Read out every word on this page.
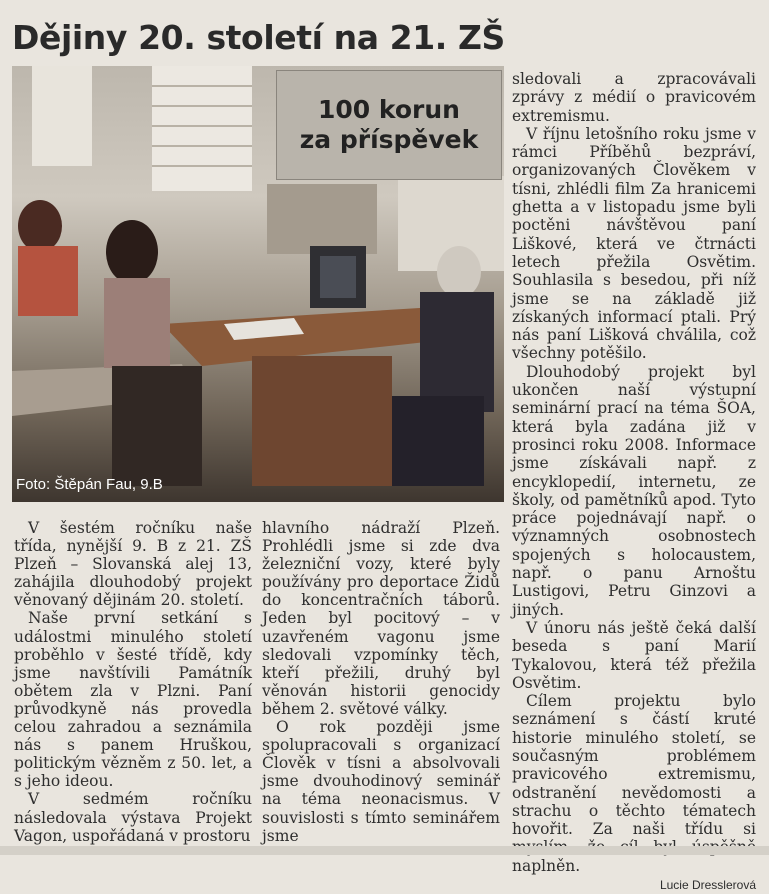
Dějiny 20. století na 21. ZŠ
100 korun
za příspěvek
Foto: Štěpán Fau, 9.B

V šestém ročníku naše třída, nynější 9. B z 21. ZŠ Plzeň – Slovanská alej 13, zahájila dlouhodobý projekt věnovaný dějinám 20. století.

Naše první setkání s událostmi minulého století proběhlo v šesté třídě, kdy jsme navštívili Památník obětem zla v Plzni. Paní průvodkyně nás provedla celou zahradou a seznámila nás s panem Hruškou, politickým vězněm z 50. let, a s jeho ideou.

V sedmém ročníku následovala výstava Projekt Vagon, uspořádaná v prostoru

hlavního nádraží Plzeň. Prohlédli jsme si zde dva železniční vozy, které byly používány pro deportace Židů do koncentračních táborů. Jeden byl pocitový – v uzavřeném vagonu jsme sledovali vzpomínky těch, kteří přežili, druhý byl věnován historii genocidy během 2. světové války.

O rok později jsme spolupracovali s organizací Člověk v tísni a absolvovali jsme dvouhodinový seminář na téma neonacismus. V souvislosti s tímto seminářem jsme

sledovali a zpracovávali zprávy z médií o pravicovém extremismu.

V říjnu letošního roku jsme v rámci Příběhů bezpráví, organizovaných Člověkem v tísni, zhlédli film Za hranicemi ghetta a v listopadu jsme byli poctěni návštěvou paní Liškové, která ve čtrnácti letech přežila Osvětim. Souhlasila s besedou, při níž jsme se na základě již získaných informací ptali. Prý nás paní Lišková chválila, což všechny potěšilo.

Dlouhodobý projekt byl ukončen naší výstupní seminární prací na téma ŠOA, která byla zadána již v prosinci roku 2008. Informace jsme získávali např. z encyklopedií, internetu, ze školy, od pamětníků apod. Tyto práce pojednávají např. o významných osobnostech spojených s holocaustem, např. o panu Arnoštu Lustigovi, Petru Ginzovi a jiných.

V únoru nás ještě čeká další beseda s paní Marií Tykalovou, která též přežila Osvětim.

Cílem projektu bylo seznámení s částí kruté historie minulého století, se současným problémem pravicového extremismu, odstranění nevědomosti a strachu o těchto tématech hovořit. Za naši třídu si naplněn.

Lucie Dresslerová
